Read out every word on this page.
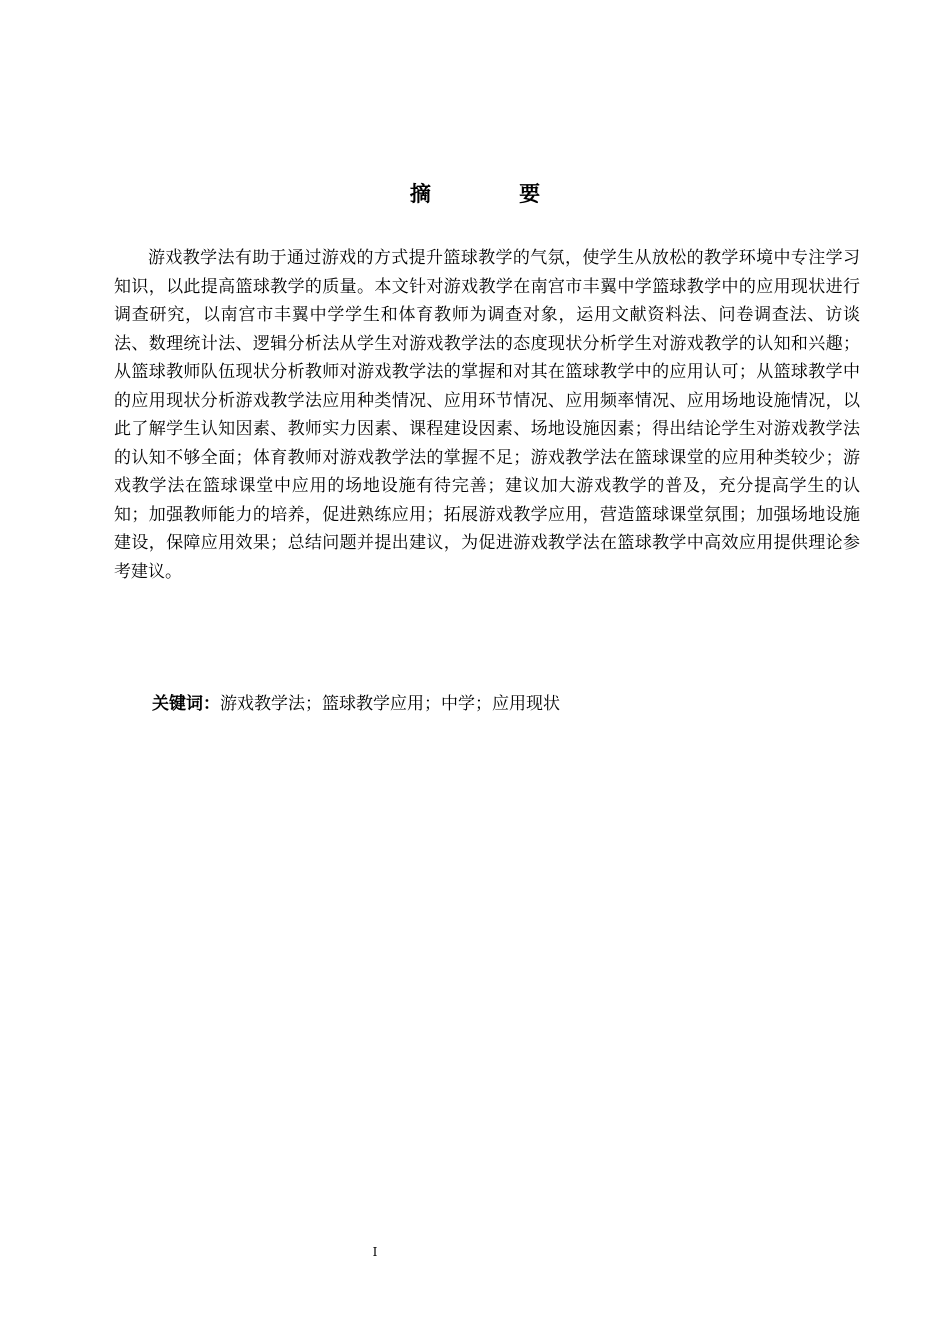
摘　要

游戏教学法有助于通过游戏的方式提升篮球教学的气氛，使学生从放松的教学环境中专注学习知识，以此提高篮球教学的质量。本文针对游戏教学在南宫市丰翼中学篮球教学中的应用现状进行调查研究，以南宫市丰翼中学学生和体育教师为调查对象，运用文献资料法、问卷调查法、访谈法、数理统计法、逻辑分析法从学生对游戏教学法的态度现状分析学生对游戏教学的认知和兴趣；从篮球教师队伍现状分析教师对游戏教学法的掌握和对其在篮球教学中的应用认可；从篮球教学中的应用现状分析游戏教学法应用种类情况、应用环节情况、应用频率情况、应用场地设施情况，以此了解学生认知因素、教师实力因素、课程建设因素、场地设施因素；得出结论学生对游戏教学法的认知不够全面；体育教师对游戏教学法的掌握不足；游戏教学法在篮球课堂的应用种类较少；游戏教学法在篮球课堂中应用的场地设施有待完善；建议加大游戏教学的普及，充分提高学生的认知；加强教师能力的培养，促进熟练应用；拓展游戏教学应用，营造篮球课堂氛围；加强场地设施建设，保障应用效果；总结问题并提出建议，为促进游戏教学法在篮球教学中高效应用提供理论参考建议。

关键词：游戏教学法；篮球教学应用；中学；应用现状
I
